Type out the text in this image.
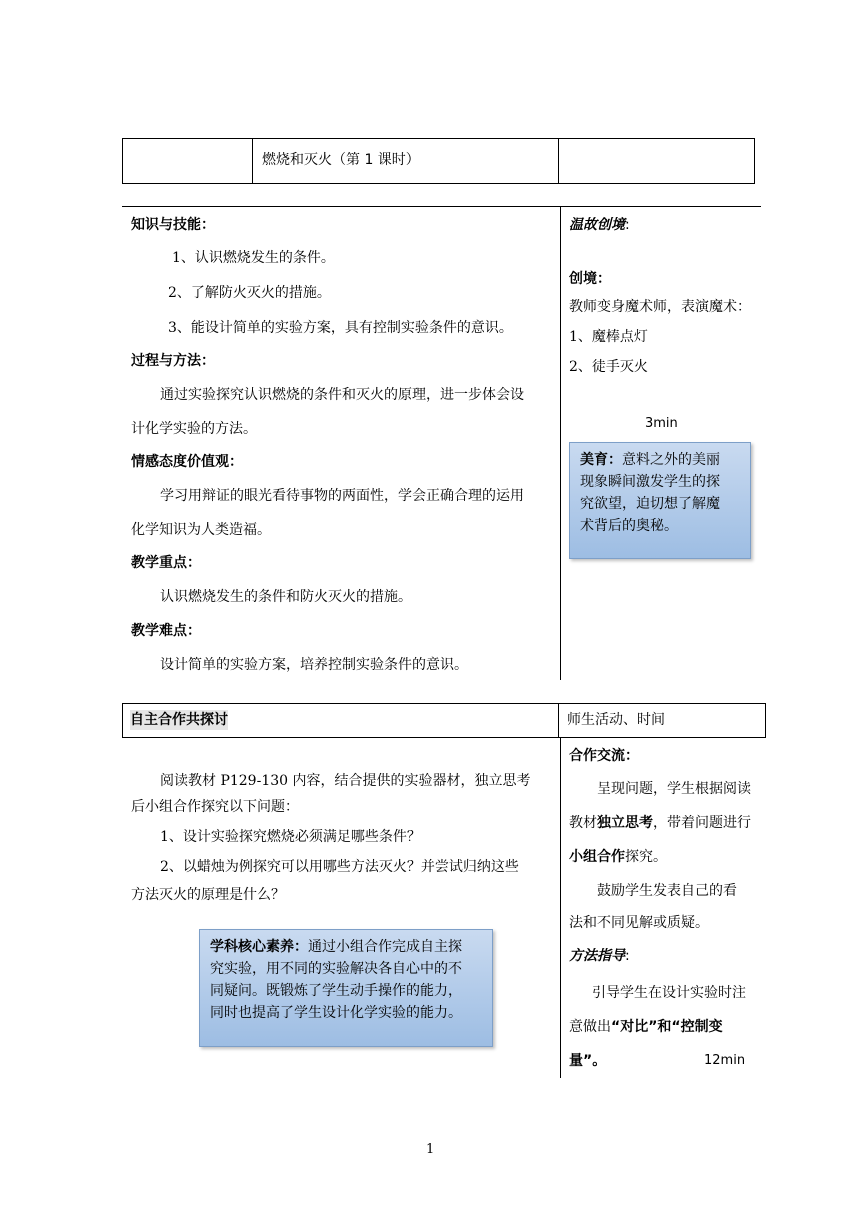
燃烧和灭火（第 1 课时）
知识与技能：
1、认识燃烧发生的条件。
2、了解防火灭火的措施。
3、能设计简单的实验方案，具有控制实验条件的意识。
过程与方法：
通过实验探究认识燃烧的条件和灭火的原理，进一步体会设
计化学实验的方法。
情感态度价值观：
学习用辩证的眼光看待事物的两面性，学会正确合理的运用
化学知识为人类造福。
教学重点：
认识燃烧发生的条件和防火灭火的措施。
教学难点：
设计简单的实验方案，培养控制实验条件的意识。
温故创境:
创境：
教师变身魔术师，表演魔术：
1、魔棒点灯
2、徒手灭火
3min
美育：意料之外的美丽
现象瞬间激发学生的探
究欲望，迫切想了解魔
术背后的奥秘。
自主合作共探讨	师生活动、时间
阅读教材 P129-130 内容，结合提供的实验器材，独立思考
后小组合作探究以下问题：
1、设计实验探究燃烧必须满足哪些条件？
2、以蜡烛为例探究可以用哪些方法灭火？并尝试归纳这些
方法灭火的原理是什么？
学科核心素养：通过小组合作完成自主探
究实验，用不同的实验解决各自心中的不
同疑问。既锻炼了学生动手操作的能力，
同时也提高了学生设计化学实验的能力。
合作交流：
呈现问题，学生根据阅读
教材独立思考，带着问题进行
小组合作探究。
鼓励学生发表自己的看
法和不同见解或质疑。
方法指导:
引导学生在设计实验时注
意做出“对比”和“控制变
量”。	12min
1
